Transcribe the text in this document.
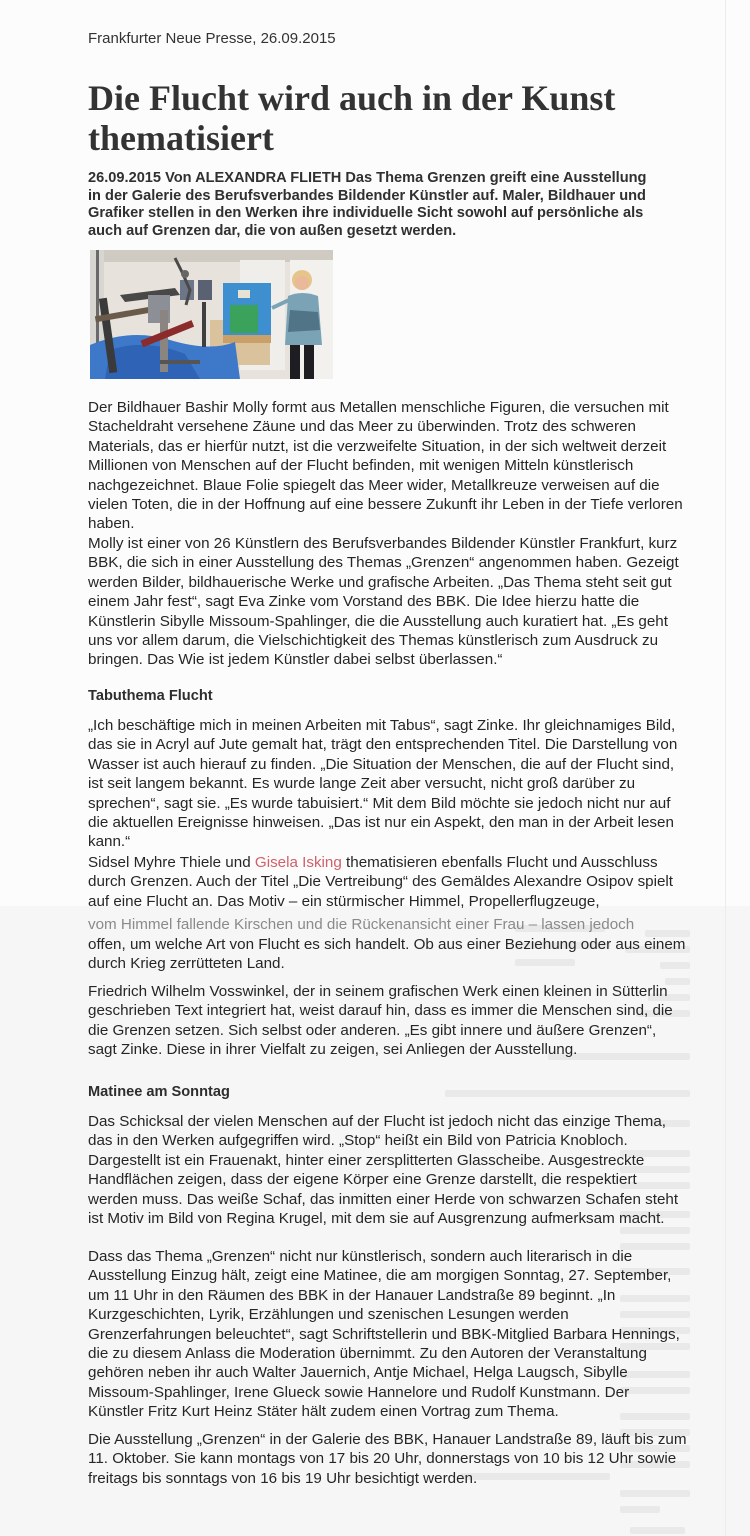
Frankfurter Neue Presse, 26.09.2015
Die Flucht wird auch in der Kunst thematisiert
26.09.2015 Von ALEXANDRA FLIETH Das Thema Grenzen greift eine Ausstellung in der Galerie des Berufsverbandes Bildender Künstler auf. Maler, Bildhauer und Grafiker stellen in den Werken ihre individuelle Sicht sowohl auf persönliche als auch auf Grenzen dar, die von außen gesetzt werden.
Der Bildhauer Bashir Molly formt aus Metallen menschliche Figuren, die versuchen mit Stacheldraht versehene Zäune und das Meer zu überwinden. Trotz des schweren Materials, das er hierfür nutzt, ist die verzweifelte Situation, in der sich weltweit derzeit Millionen von Menschen auf der Flucht befinden, mit wenigen Mitteln künstlerisch nachgezeichnet. Blaue Folie spiegelt das Meer wider, Metallkreuze verweisen auf die vielen Toten, die in der Hoffnung auf eine bessere Zukunft ihr Leben in der Tiefe verloren haben.
Molly ist einer von 26 Künstlern des Berufsverbandes Bildender Künstler Frankfurt, kurz BBK, die sich in einer Ausstellung des Themas „Grenzen“ angenommen haben. Gezeigt werden Bilder, bildhauerische Werke und grafische Arbeiten. „Das Thema steht seit gut einem Jahr fest“, sagt Eva Zinke vom Vorstand des BBK. Die Idee hierzu hatte die Künstlerin Sibylle Missoum-Spahlinger, die die Ausstellung auch kuratiert hat. „Es geht uns vor allem darum, die Vielschichtigkeit des Themas künstlerisch zum Ausdruck zu bringen. Das Wie ist jedem Künstler dabei selbst überlassen.“
Tabuthema Flucht
„Ich beschäftige mich in meinen Arbeiten mit Tabus“, sagt Zinke. Ihr gleichnamiges Bild, das sie in Acryl auf Jute gemalt hat, trägt den entsprechenden Titel. Die Darstellung von Wasser ist auch hierauf zu finden. „Die Situation der Menschen, die auf der Flucht sind, ist seit langem bekannt. Es wurde lange Zeit aber versucht, nicht groß darüber zu sprechen“, sagt sie. „Es wurde tabuisiert.“ Mit dem Bild möchte sie jedoch nicht nur auf die aktuellen Ereignisse hinweisen. „Das ist nur ein Aspekt, den man in der Arbeit lesen kann.“
Sidsel Myhre Thiele und Gisela Isking thematisieren ebenfalls Flucht und Ausschluss durch Grenzen. Auch der Titel „Die Vertreibung“ des Gemäldes Alexandre Osipov spielt auf eine Flucht an. Das Motiv – ein stürmischer Himmel, Propellerflugzeuge,
vom Himmel fallende Kirschen und die Rückenansicht einer Frau – lassen jedoch
offen, um welche Art von Flucht es sich handelt. Ob aus einer Beziehung oder aus einem durch Krieg zerrütteten Land.
Friedrich Wilhelm Vosswinkel, der in seinem grafischen Werk einen kleinen in Sütterlin geschrieben Text integriert hat, weist darauf hin, dass es immer die Menschen sind, die die Grenzen setzen. Sich selbst oder anderen. „Es gibt innere und äußere Grenzen“, sagt Zinke. Diese in ihrer Vielfalt zu zeigen, sei Anliegen der Ausstellung.
Matinee am Sonntag
Das Schicksal der vielen Menschen auf der Flucht ist jedoch nicht das einzige Thema, das in den Werken aufgegriffen wird. „Stop“ heißt ein Bild von Patricia Knobloch. Dargestellt ist ein Frauenakt, hinter einer zersplitterten Glasscheibe. Ausgestreckte Handflächen zeigen, dass der eigene Körper eine Grenze darstellt, die respektiert werden muss. Das weiße Schaf, das inmitten einer Herde von schwarzen Schafen steht ist Motiv im Bild von Regina Krugel, mit dem sie auf Ausgrenzung aufmerksam macht.
Dass das Thema „Grenzen“ nicht nur künstlerisch, sondern auch literarisch in die Ausstellung Einzug hält, zeigt eine Matinee, die am morgigen Sonntag, 27. September, um 11 Uhr in den Räumen des BBK in der Hanauer Landstraße 89 beginnt. „In Kurzgeschichten, Lyrik, Erzählungen und szenischen Lesungen werden Grenzerfahrungen beleuchtet“, sagt Schriftstellerin und BBK-Mitglied Barbara Hennings, die zu diesem Anlass die Moderation übernimmt. Zu den Autoren der Veranstaltung gehören neben ihr auch Walter Jauernich, Antje Michael, Helga Laugsch, Sibylle Missoum-Spahlinger, Irene Glueck sowie Hannelore und Rudolf Kunstmann. Der Künstler Fritz Kurt Heinz Stäter hält zudem einen Vortrag zum Thema.
Die Ausstellung „Grenzen“ in der Galerie des BBK, Hanauer Landstraße 89, läuft bis zum 11. Oktober. Sie kann montags von 17 bis 20 Uhr, donnerstags von 10 bis 12 Uhr sowie freitags bis sonntags von 16 bis 19 Uhr besichtigt werden.
